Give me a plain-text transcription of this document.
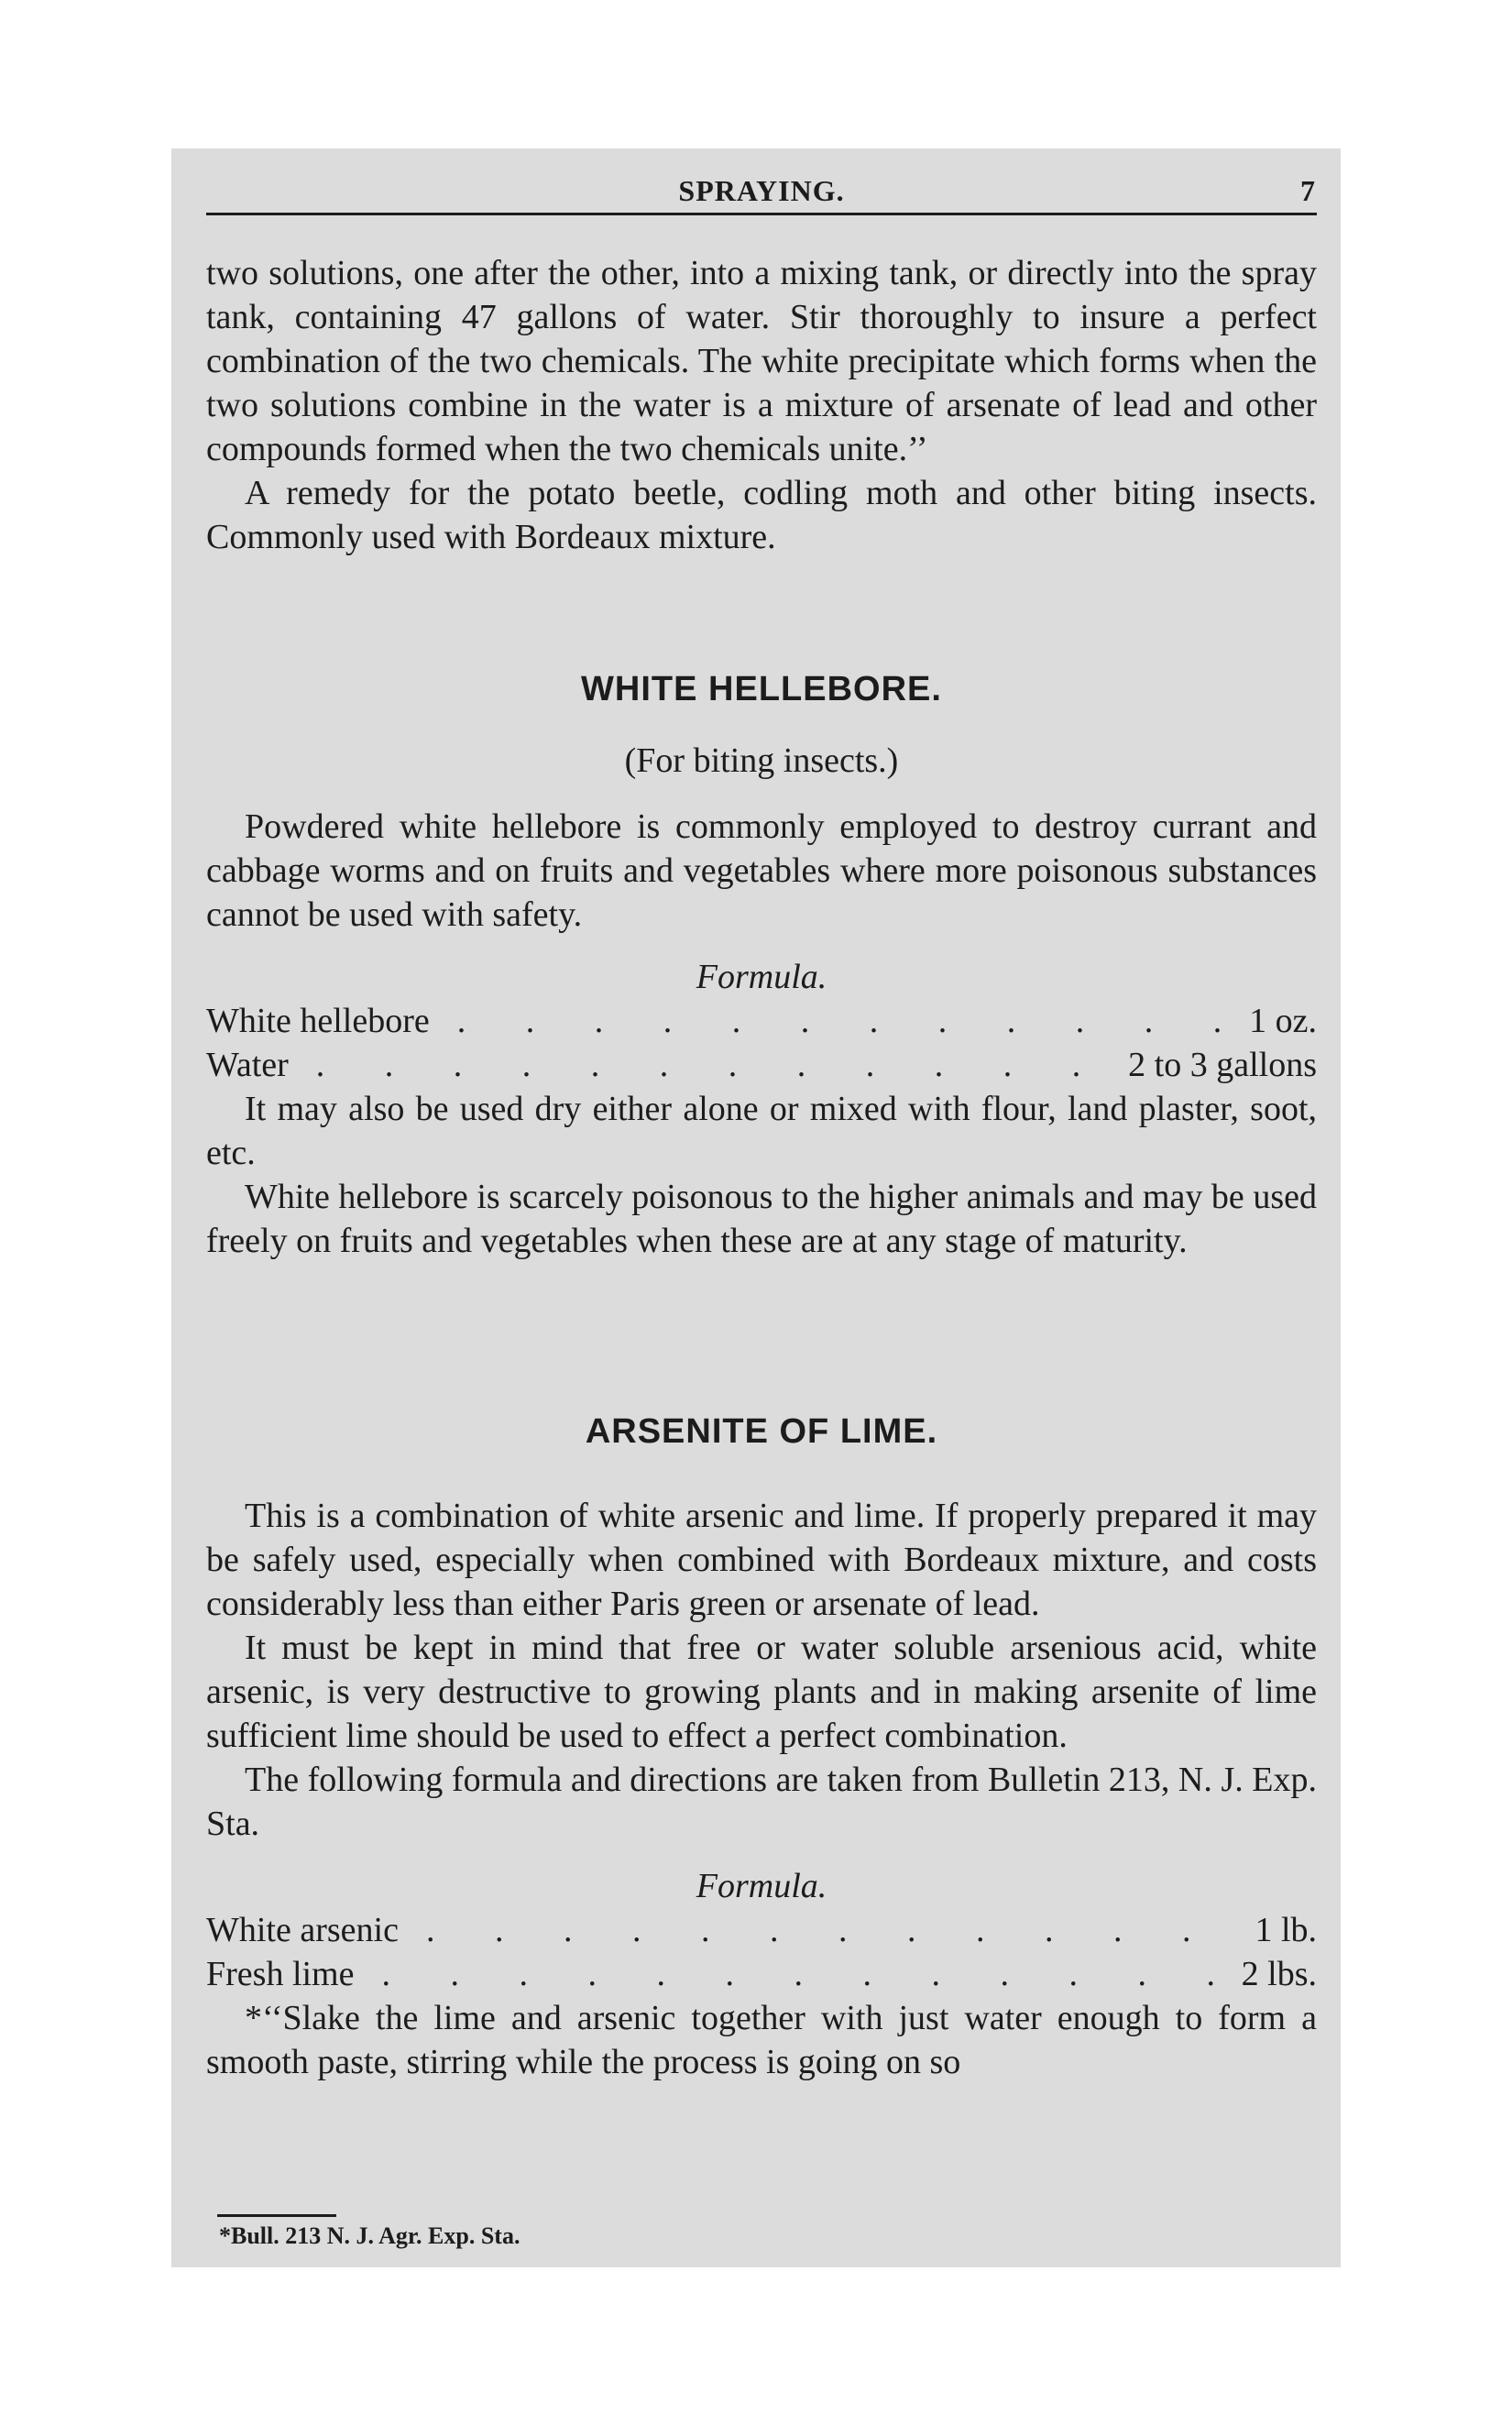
SPRAYING.	7

two solutions, one after the other, into a mixing tank, or directly into the spray tank, containing 47 gallons of water. Stir thoroughly to insure a perfect combination of the two chemicals. The white precipitate which forms when the two solutions combine in the water is a mixture of arsenate of lead and other compounds formed when the two chemicals unite.’’

A remedy for the potato beetle, codling moth and other biting insects. Commonly used with Bordeaux mixture.

WHITE HELLEBORE.
(For biting insects.)

Powdered white hellebore is commonly employed to destroy currant and cabbage worms and on fruits and vegetables where more poisonous substances cannot be used with safety.

Formula.
White hellebore . . .	1 oz.
Water . . .	2 to 3 gallons

It may also be used dry either alone or mixed with flour, land plaster, soot, etc.

White hellebore is scarcely poisonous to the higher animals and may be used freely on fruits and vegetables when these are at any stage of maturity.

ARSENITE OF LIME.

This is a combination of white arsenic and lime. If properly prepared it may be safely used, especially when combined with Bordeaux mixture, and costs considerably less than either Paris green or arsenate of lead.

It must be kept in mind that free or water soluble arsenious acid, white arsenic, is very destructive to growing plants and in making arsenite of lime sufficient lime should be used to effect a perfect combination.

The following formula and directions are taken from Bulletin 213, N. J. Exp. Sta.

Formula.
White arsenic . . .	1 lb.
Fresh lime . . .	2 lbs.

*‘‘Slake the lime and arsenic together with just water enough to form a smooth paste, stirring while the process is going on so

*Bull. 213 N. J. Agr. Exp. Sta.
